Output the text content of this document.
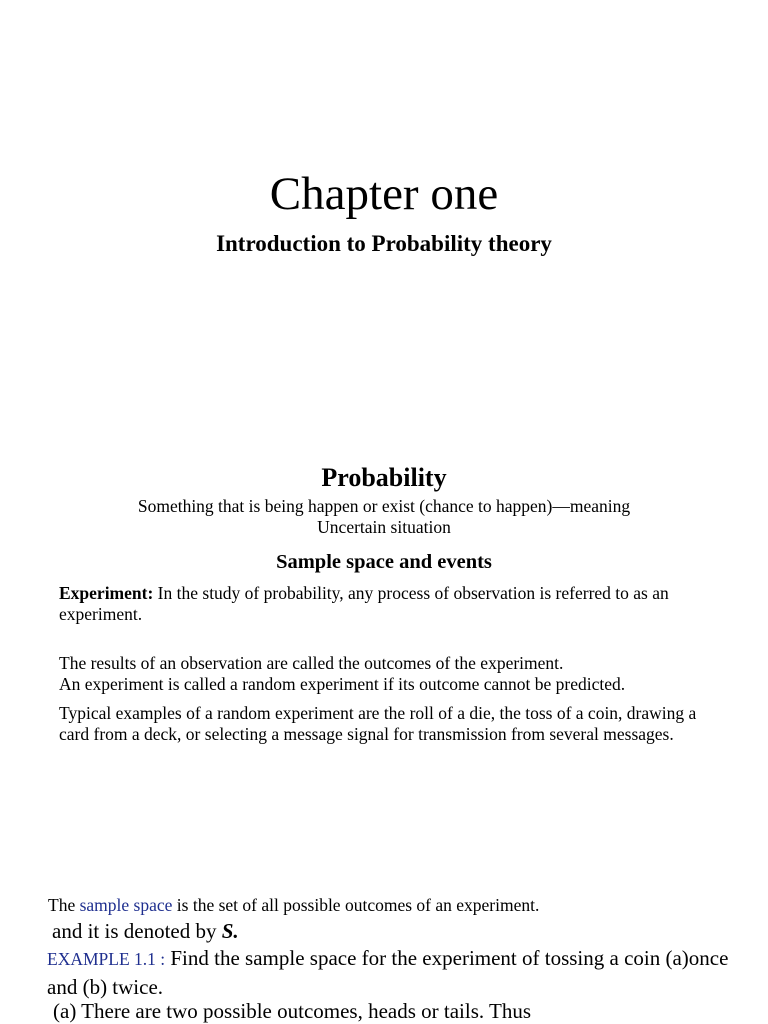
Chapter one
Introduction to Probability theory
Probability
Something that is being happen or exist (chance to happen)—meaning
Uncertain situation
Sample space and events
Experiment: In the study of probability, any process of observation is referred to as an experiment.
The results of an observation are called the outcomes of the experiment.
An experiment is called a random experiment if its outcome cannot be predicted.
Typical examples of a random experiment are the roll of a die, the toss of a coin, drawing a card from a deck, or selecting a message signal for transmission from several messages.
The sample space is the set of all possible outcomes of an experiment.
and it is denoted by S.
EXAMPLE 1.1 : Find the sample space for the experiment of tossing a coin (a)once and (b) twice.
(a) There are two possible outcomes, heads or tails. Thus
